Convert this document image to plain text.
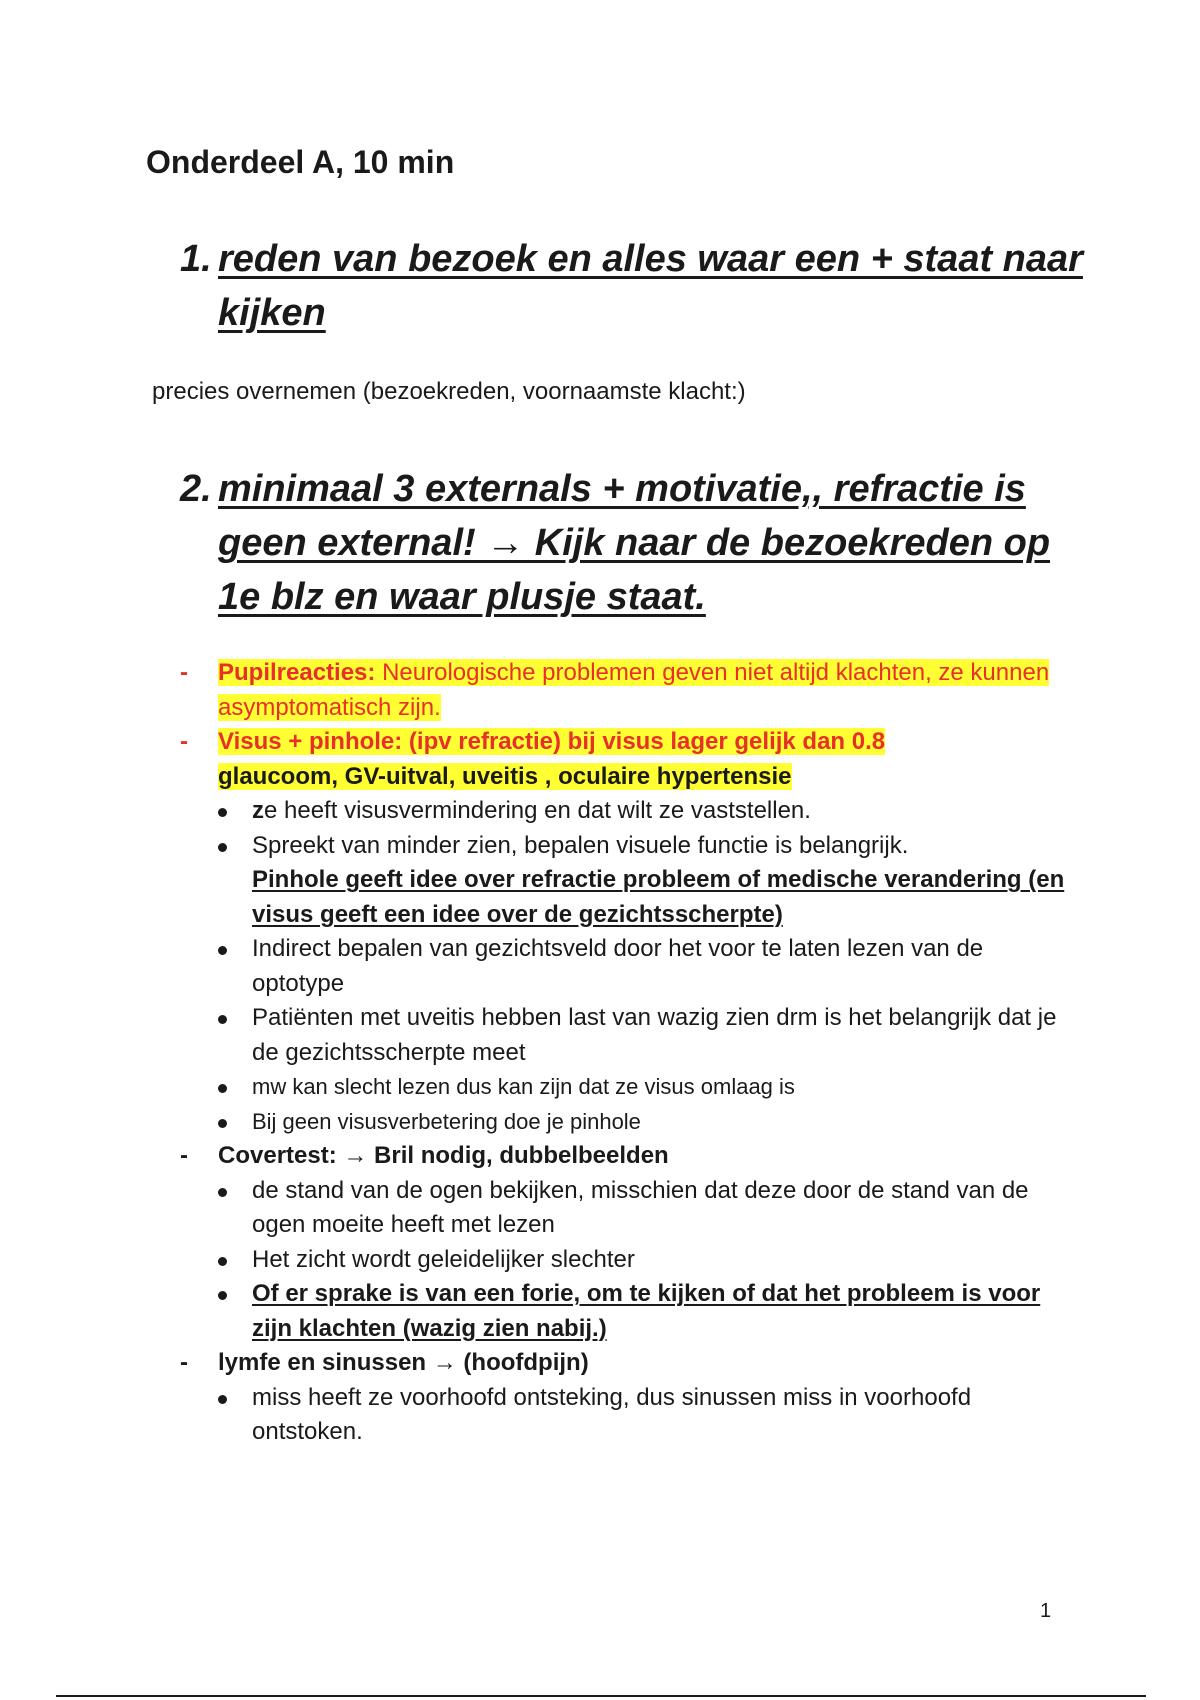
Onderdeel A, 10 min
1. reden van bezoek en alles waar een + staat naar kijken

precies overnemen (bezoekreden, voornaamste klacht:)

2. minimaal 3 externals + motivatie,, refractie is geen external! → Kijk naar de bezoekreden op 1e blz en waar plusje staat.
-	Pupilreacties: Neurologische problemen geven niet altijd klachten, ze kunnen asymptomatisch zijn.
-	Visus + pinhole: (ipv refractie) bij visus lager gelijk dan 0.8
glaucoom, GV-uitval, uveitis , oculaire hypertensie
ze heeft visusvermindering en dat wilt ze vaststellen.
Spreekt van minder zien, bepalen visuele functie is belangrijk.
Pinhole geeft idee over refractie probleem of medische verandering (en visus geeft een idee over de gezichtsscherpte)
Indirect bepalen van gezichtsveld door het voor te laten lezen van de optotype
Patiënten met uveitis hebben last van wazig zien drm is het belangrijk dat je de gezichtsscherpte meet
mw kan slecht lezen dus kan zijn dat ze visus omlaag is
Bij geen visusverbetering doe je pinhole
-	Covertest: → Bril nodig, dubbelbeelden
de stand van de ogen bekijken, misschien dat deze door de stand van de ogen moeite heeft met lezen
Het zicht wordt geleidelijker slechter
Of er sprake is van een forie, om te kijken of dat het probleem is voor zijn klachten (wazig zien nabij.)
-	lymfe en sinussen → (hoofdpijn)
miss heeft ze voorhoofd ontsteking, dus sinussen miss in voorhoofd ontstoken.
1
